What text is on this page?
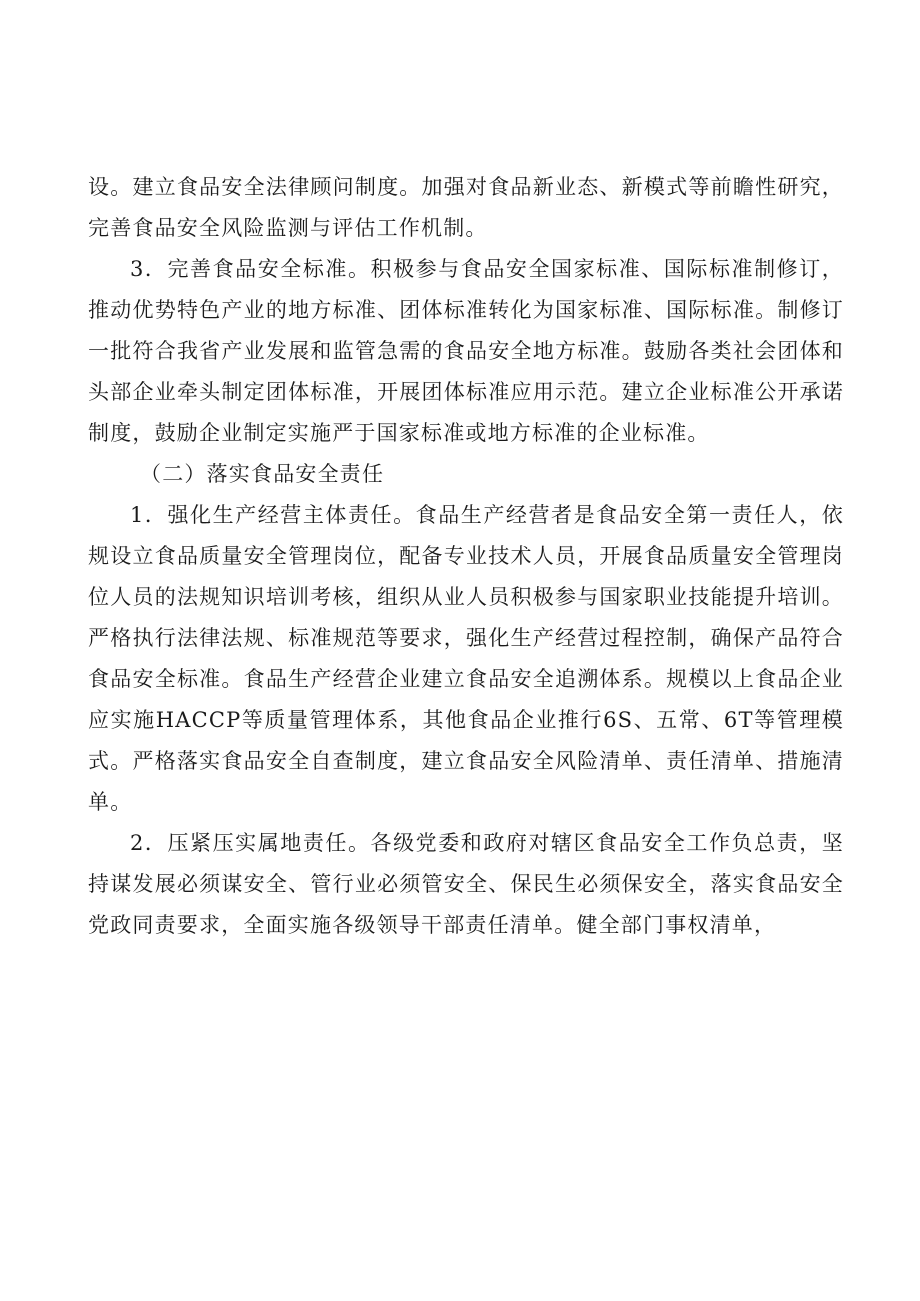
设。建立食品安全法律顾问制度。加强对食品新业态、新模式等前瞻性研究，完善食品安全风险监测与评估工作机制。

3．完善食品安全标准。积极参与食品安全国家标准、国际标准制修订，推动优势特色产业的地方标准、团体标准转化为国家标准、国际标准。制修订一批符合我省产业发展和监管急需的食品安全地方标准。鼓励各类社会团体和头部企业牵头制定团体标准，开展团体标准应用示范。建立企业标准公开承诺制度，鼓励企业制定实施严于国家标准或地方标准的企业标准。

（二）落实食品安全责任

1．强化生产经营主体责任。食品生产经营者是食品安全第一责任人，依规设立食品质量安全管理岗位，配备专业技术人员，开展食品质量安全管理岗位人员的法规知识培训考核，组织从业人员积极参与国家职业技能提升培训。严格执行法律法规、标准规范等要求，强化生产经营过程控制，确保产品符合食品安全标准。食品生产经营企业建立食品安全追溯体系。规模以上食品企业应实施HACCP等质量管理体系，其他食品企业推行6S、五常、6T等管理模式。严格落实食品安全自查制度，建立食品安全风险清单、责任清单、措施清单。

2．压紧压实属地责任。各级党委和政府对辖区食品安全工作负总责，坚持谋发展必须谋安全、管行业必须管安全、保民生必须保安全，落实食品安全党政同责要求，全面实施各级领导干部责任清单。健全部门事权清单，
